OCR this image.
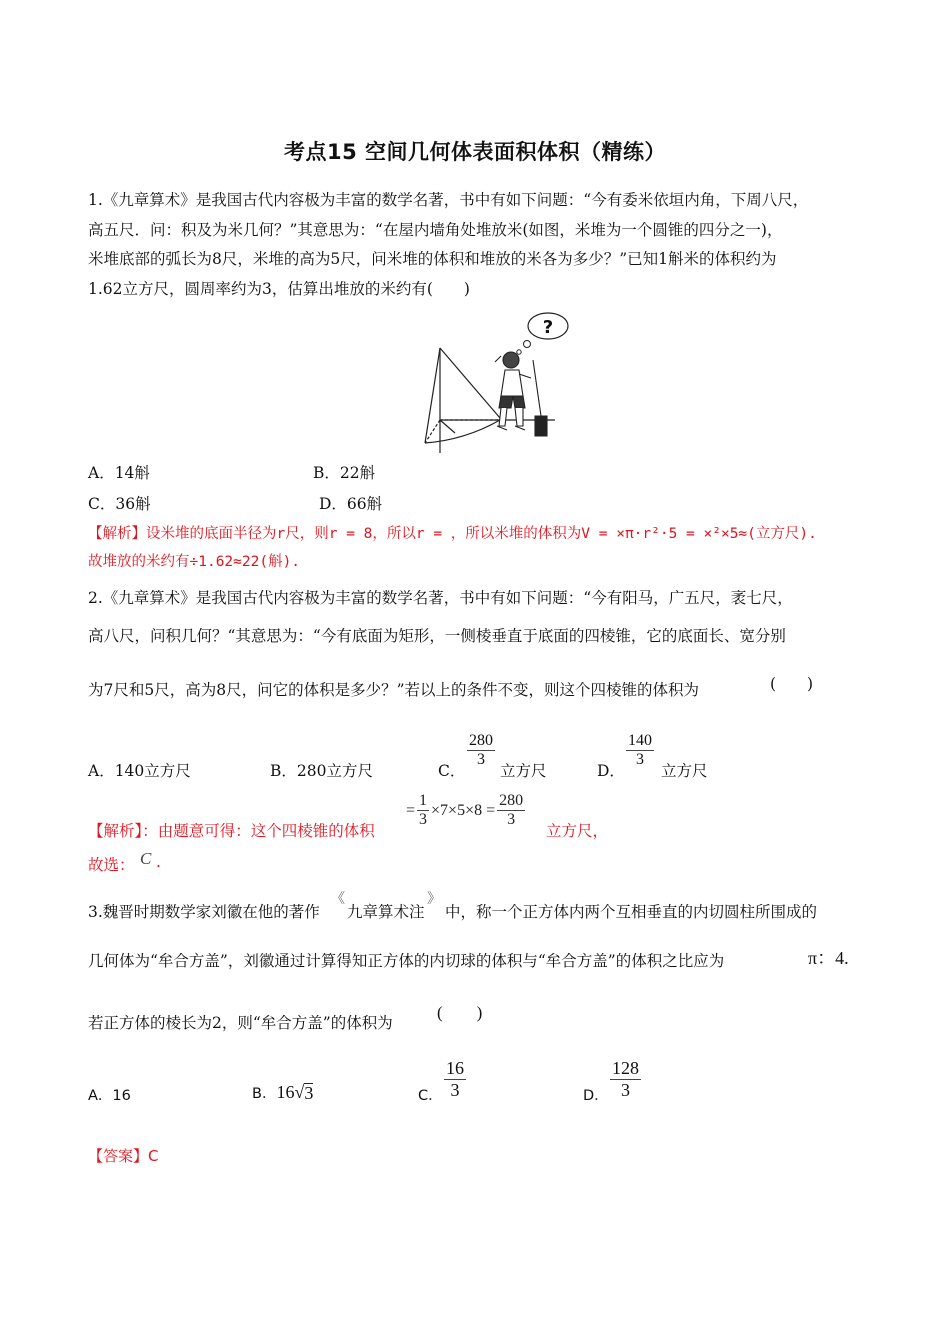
考点15 空间几何体表面积体积（精练）
1.《九章算术》是我国古代内容极为丰富的数学名著，书中有如下问题：“今有委米依垣内角，下周八尺，
高五尺．问：积及为米几何？”其意思为：“在屋内墙角处堆放米(如图，米堆为一个圆锥的四分之一)，
米堆底部的弧长为8尺，米堆的高为5尺，问米堆的体积和堆放的米各为多少？”已知1斛米的体积约为
1.62立方尺，圆周率约为3，估算出堆放的米约有(　　)
?
A．14斛	B．22斛
C．36斛	D．66斛
【解析】设米堆的底面半径为r尺，则r = 8，所以r = ，所以米堆的体积为V = ×π·r²·5 = ×²×5≈(立方尺).
故堆放的米约有÷1.62≈22(斛).
2.《九章算术》是我国古代内容极为丰富的数学名著，书中有如下问题：“今有阳马，广五尺，袤七尺，
高八尺，问积几何？“其意思为：“今有底面为矩形，一侧棱垂直于底面的四棱锥，它的底面长、宽分别
为7尺和5尺，高为8尺，问它的体积是多少？”若以上的条件不变，则这个四棱锥的体积为	(　　)
A．140立方尺	B．280立方尺	C．
$\frac{280}{3}$
立方尺	D．
$\frac{140}{3}$
立方尺
【解析】：由题意可得：这个四棱锥的体积
= $\frac{1}{3} \times 7\times 5\times 8 = \frac{280}{3}$
立方尺，
故选： C .
3.魏晋时期数学家刘徽在他的著作
《
九章算术注
》
中，称一个正方体内两个互相垂直的内切圆柱所围成的
几何体为“牟合方盖”，刘徽通过计算得知正方体的内切球的体积与“牟合方盖”的体积之比应为	π：4.
若正方体的棱长为2，则“牟合方盖”的体积为
(　　)
A．16	B． 16 √ 3	C． $\frac{16}{3}$	D． $\frac{128}{3}$
【答案】C
